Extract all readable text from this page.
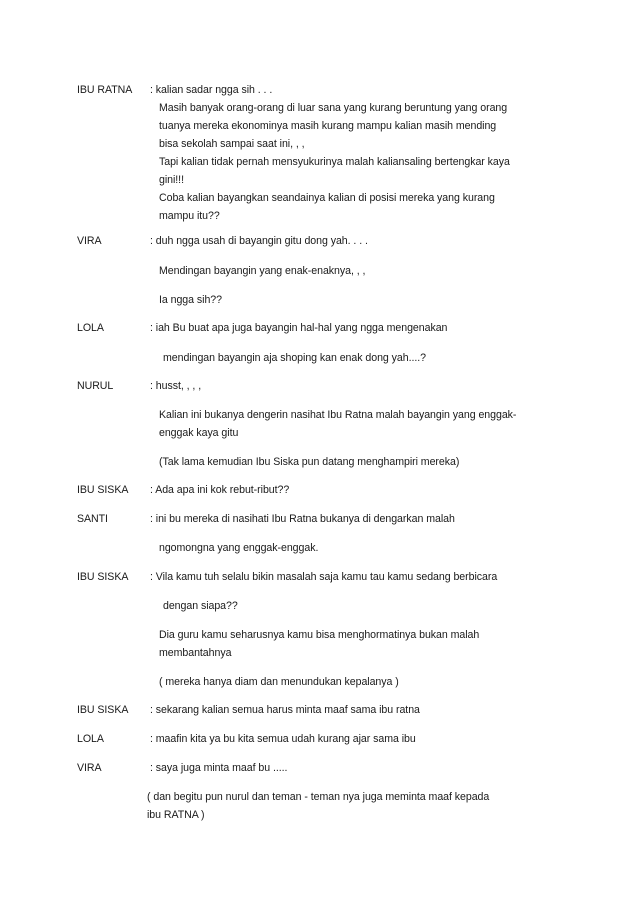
IBU RATNA : kalian sadar ngga sih . . .
Masih banyak orang-orang di luar sana yang kurang beruntung yang orang
tuanya mereka ekonominya masih kurang mampu kalian masih mending
bisa sekolah sampai saat ini, , ,
Tapi kalian tidak pernah mensyukurinya malah kaliansaling bertengkar kaya
gini!!!
Coba kalian bayangkan seandainya kalian di posisi mereka yang kurang
mampu itu??
VIRA	: duh ngga usah di bayangin gitu dong yah. . . .
Mendingan bayangin yang enak-enaknya, , ,
Ia ngga sih??
LOLA	: iah Bu buat apa juga bayangin hal-hal yang ngga mengenakan
mendingan bayangin aja shoping kan enak dong yah....?
NURUL	: husst, , , ,
Kalian ini bukanya dengerin nasihat Ibu Ratna malah bayangin yang enggak-
enggak kaya gitu
(Tak lama kemudian Ibu Siska pun datang menghampiri mereka)
IBU SISKA : Ada apa ini kok rebut-ribut??
SANTI	: ini bu mereka di nasihati Ibu Ratna bukanya di dengarkan malah
ngomongna yang enggak-enggak.
IBU SISKA : Vila kamu tuh selalu bikin masalah saja kamu tau kamu sedang berbicara
dengan siapa??
Dia guru kamu seharusnya kamu bisa menghormatinya bukan malah
membantahnya
( mereka hanya diam dan menundukan kepalanya )
IBU SISKA : sekarang kalian semua harus minta maaf sama ibu ratna
LOLA	: maafin kita ya bu kita semua udah kurang ajar sama ibu
VIRA	: saya juga minta maaf bu .....
( dan begitu pun nurul dan teman - teman nya juga meminta maaf kepada
ibu RATNA )
